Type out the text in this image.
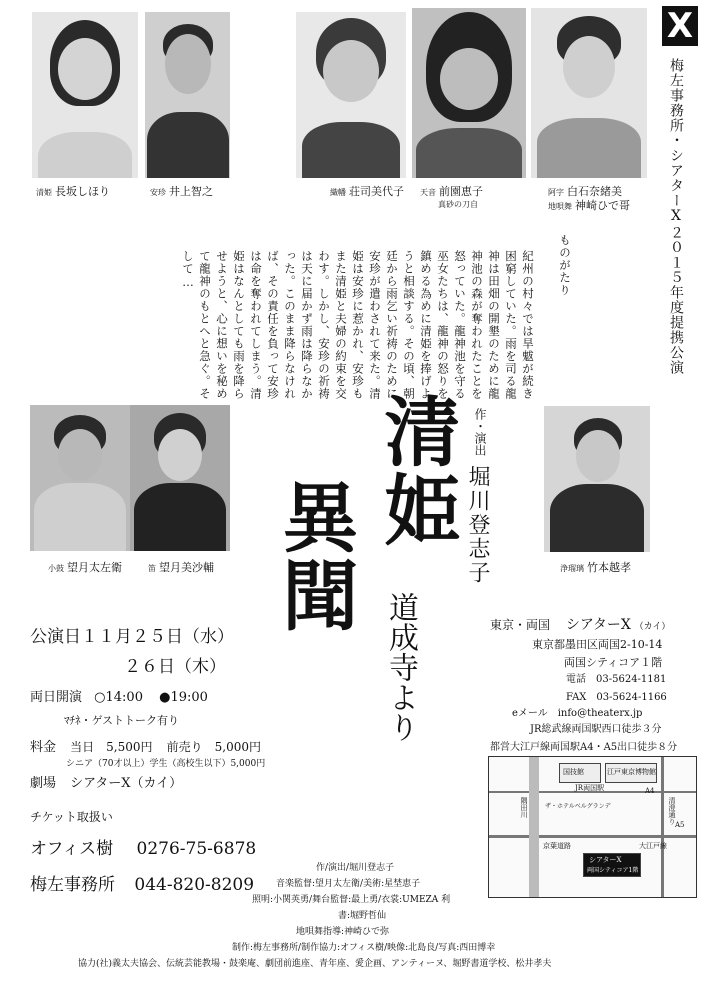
X
梅左事務所・シアターX２０１５年度提携公演
清姫 長坂しほり	安珍 井上智之	織幡 荘司美代子 天音 前園恵子
真砂の刀自
阿字 白石奈緒美
地唄舞 神崎ひで哥
ものがたり
紀州の村々では旱魃が続き困窮していた。雨を司る龍神は田畑の開墾のために龍神池の森が奪われたことを怒っていた。龍神池を守る巫女たちは、龍神の怒りを鎮める為めに清姫を捧げようと相談する。その頃、朝廷から雨乞い祈祷のために安珍が遣わされて来た。清姫は安珍に惹かれ、安珍もまた清姫と夫婦の約束を交わす。しかし、安珍の祈祷は天に届かず雨は降らなかった。このまま降らなければ、その責任を負って安珍は命を奪われてしまう。清姫はなんとしても雨を降らせようと、心に想いを秘めて龍神のもとへと急ぐ。そして…
小鼓 望月太左衛	笛 望月美沙輔	浄瑠璃 竹本越孝
清姫
異聞
道成寺より
作・演出
堀川登志子
公演日１１月２５日（水）
２６日（木）
両日開演 ○14:00 ●19:00
ﾏﾁﾈ・ゲストトーク有り
料金 当日　5,500円 前売り　5,000円
シニア（70才以上）学生（高校生以下）5,000円
劇場 シアターX（カイ）
チケット取扱い
オフィス樹 0276-75-6878
梅左事務所 044-820-8209
東京・両国 シアターX （カイ）
東京都墨田区両国2-10-14
両国シティコア１階
電話　03-5624-1181
FAX　03-5624-1166
eメール　info@theaterx.jp
JR総武線両国駅西口徒歩３分
都営大江戸線両国駅A4・A5出口徒歩８分
国技館	江戸東京博物館
JR両国駅
隅田川
京葉道路
シアターX
両国シティコア1階
清澄通り
A4
A5
大江戸線
ザ・ホテルベルグランデ
作/演出/堀川登志子
音楽監督:望月太左衛/美術:星埜恵子
照明:小関英勇/舞台監督:最上勇/衣裳:UMEZA 利
書:堀野哲仙
地唄舞指導:神崎ひで弥
制作:梅左事務所/制作協力:オフィス樹/映像:北島良/写真:西田博幸
協力(社)義太夫協会、伝統芸能教場・鼓楽庵、劇団前進座、青年座、愛企画、アンティーヌ、堀野書道学校、松井孝夫
